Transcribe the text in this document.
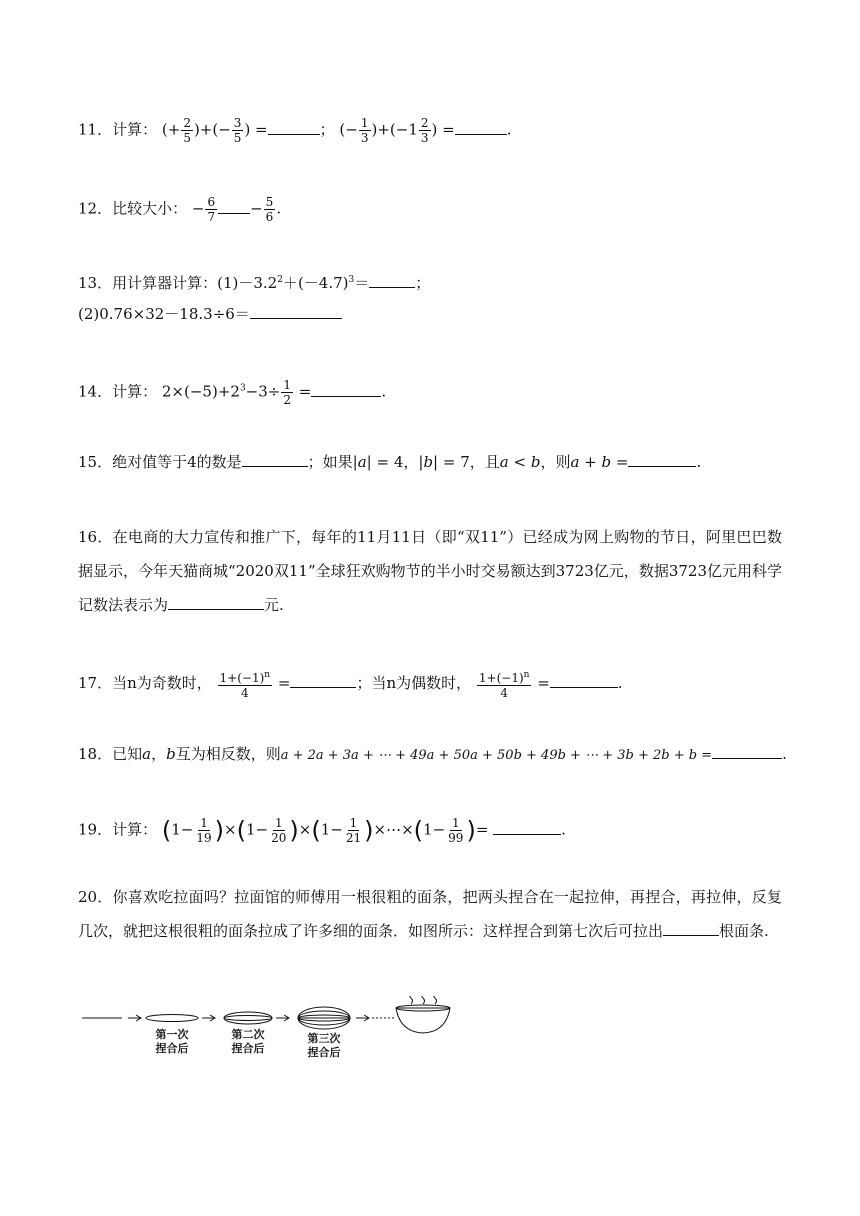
11．计算： (+ $\frac{2}{5}$ )+(− $\frac{3}{5}$ ) =	； (− $\frac{1}{3} )+(-1 \frac{2}{3}$ ) =	.
12．比较大小： − $\frac{6}{7} - \frac{5}{6}$ .
13．用计算器计算：$(1)-3.2^2+(-4.7)^3=$	；
(2)0.76×32－18.3÷6＝
14．计算： $2\times(-5)+2^3-3\div \frac{1}{2}$ =	.
15．绝对值等于4的数是	；如果|a| = 4，|b| = 7，且a < b，则a + b =	.
16．在电商的大力宣传和推广下，每年的11月11日（即“双11”）已经成为网上购物的节日，阿里巴巴数据显示，今年天猫商城“2020双11”全球狂欢购物节的半小时交易额达到3723亿元，数据3723亿元用科学记数法表示为	元.
17．当n为奇数时， $\frac{1+(-1)^n}{4}$ =	；当n为偶数时， $\frac{1+(-1)^n}{4}$ =	.
18．已知a，b互为相反数，则a + 2a + 3a + ⋯ + 49a + 50a + 50b + 49b + ⋯ + 3b + 2b + b =	.
19．计算： $(1- \frac{1}{19} )\times(1- \frac{1}{20} )\times(1- \frac{1}{21}$ )×⋯×(1− $\frac{1}{99}$ )=	.
20．你喜欢吃拉面吗？拉面馆的师傅用一根很粗的面条，把两头捏合在一起拉伸，再捏合，再拉伸，反复几次，就把这根很粗的面条拉成了许多细的面条．如图所示：这样捏合到第七次后可拉出	根面条.
第一次
捏合后
第二次
捏合后
第三次
捏合后
